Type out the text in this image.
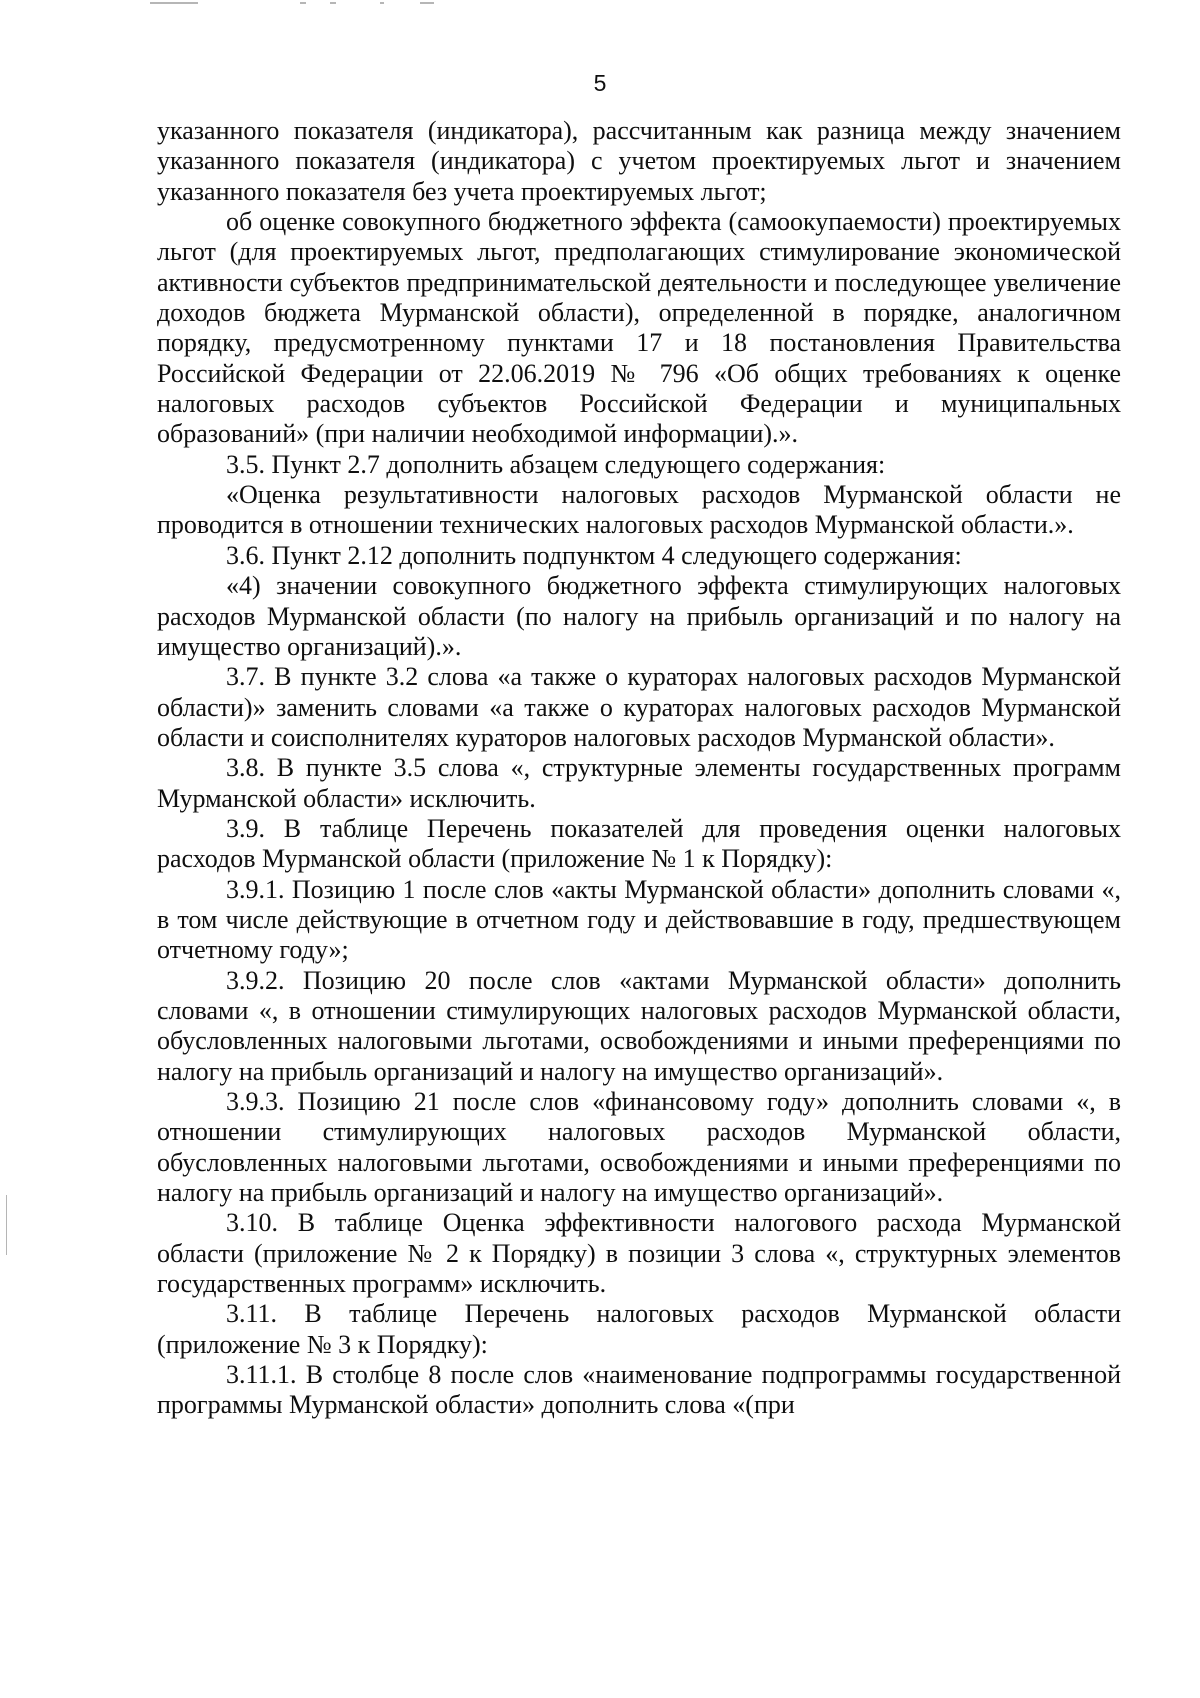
5

указанного показателя (индикатора), рассчитанным как разница между значением указанного показателя (индикатора) с учетом проектируемых льгот и значением указанного показателя без учета проектируемых льгот;

об оценке совокупного бюджетного эффекта (самоокупаемости) проектируемых льгот (для проектируемых льгот, предполагающих стимулирование экономической активности субъектов предпринимательской деятельности и последующее увеличение доходов бюджета Мурманской области), определенной в порядке, аналогичном порядку, предусмотренному пунктами 17 и 18 постановления Правительства Российской Федерации от 22.06.2019 № 796 «Об общих требованиях к оценке налоговых расходов субъектов Российской Федерации и муниципальных образований» (при наличии необходимой информации).».

3.5. Пункт 2.7 дополнить абзацем следующего содержания:

«Оценка результативности налоговых расходов Мурманской области не проводится в отношении технических налоговых расходов Мурманской области.».

3.6. Пункт 2.12 дополнить подпунктом 4 следующего содержания:

«4) значении совокупного бюджетного эффекта стимулирующих налоговых расходов Мурманской области (по налогу на прибыль организаций и по налогу на имущество организаций).».

3.7. В пункте 3.2 слова «а также о кураторах налоговых расходов Мурманской области)» заменить словами «а также о кураторах налоговых расходов Мурманской области и соисполнителях кураторов налоговых расходов Мурманской области».

3.8. В пункте 3.5 слова «, структурные элементы государственных программ Мурманской области» исключить.

3.9. В таблице Перечень показателей для проведения оценки налоговых расходов Мурманской области (приложение № 1 к Порядку):

3.9.1. Позицию 1 после слов «акты Мурманской области» дополнить словами «, в том числе действующие в отчетном году и действовавшие в году, предшествующем отчетному году»;

3.9.2. Позицию 20 после слов «актами Мурманской области» дополнить словами «, в отношении стимулирующих налоговых расходов Мурманской области, обусловленных налоговыми льготами, освобождениями и иными преференциями по налогу на прибыль организаций и налогу на имущество организаций».

3.9.3. Позицию 21 после слов «финансовому году» дополнить словами «, в отношении стимулирующих налоговых расходов Мурманской области, обусловленных налоговыми льготами, освобождениями и иными преференциями по налогу на прибыль организаций и налогу на имущество организаций».

3.10. В таблице Оценка эффективности налогового расхода Мурманской области (приложение № 2 к Порядку) в позиции 3 слова «, структурных элементов государственных программ» исключить.

3.11. В таблице Перечень налоговых расходов Мурманской области (приложение № 3 к Порядку):

3.11.1. В столбце 8 после слов «наименование подпрограммы государственной программы Мурманской области» дополнить слова «(при
